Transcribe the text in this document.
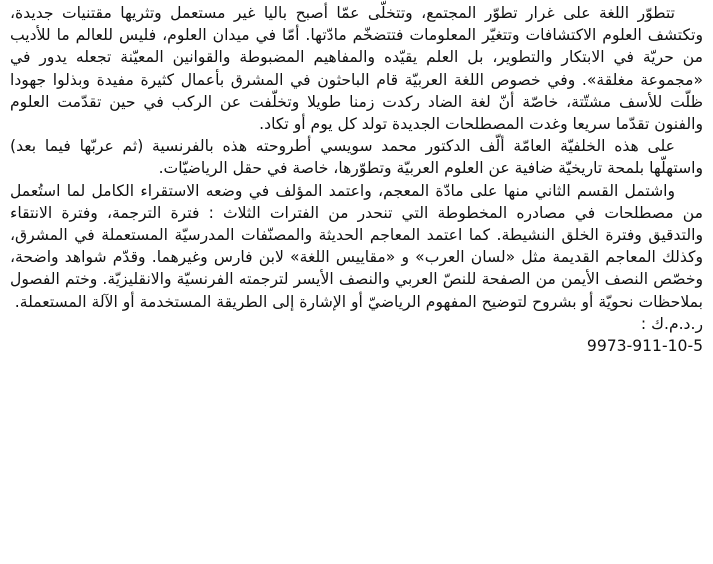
تتطوّر اللغة على غرار تطوّر المجتمع، وتتخلّى عمّا أصبح باليا غير مستعمل وتثريها مقتنيات جديدة، وتكتشف العلوم الاكتشافات وتتغيّر المعلومات فتتضخّم مادّتها. أمّا في ميدان العلوم، فليس للعالم ما للأديب من حريّة في الابتكار والتطوير، بل العلم يقيّده والمفاهيم المضبوطة والقوانين المعيّنة تجعله يدور في «مجموعة مغلقة». وفي خصوص اللغة العربيّة قام الباحثون في المشرق بأعمال كثيرة مفيدة وبذلوا جهودا ظلّت للأسف مشتّتة، خاصّة أنّ لغة الضاد ركدت زمنا طويلا وتخلّفت عن الركب في حين تقدّمت العلوم والفنون تقدّما سريعا وغدت المصطلحات الجديدة تولد كل يوم أو تكاد.

على هذه الخلفيّة العامّة ألّف الدكتور محمد سويسي أطروحته هذه بالفرنسية (ثم عربّها فيما بعد) واستهلّها بلمحة تاريخيّة ضافية عن العلوم العربيّة وتطوّرها، خاصة في حقل الرياضيّات.

واشتمل القسم الثاني منها على مادّة المعجم، واعتمد المؤلف في وضعه الاستقراء الكامل لما استُعمل من مصطلحات في مصادره المخطوطة التي تنحدر من الفترات الثلاث : فترة الترجمة، وفترة الانتقاء والتدقيق وفترة الخلق النشيطة. كما اعتمد المعاجم الحديثة والمصنّفات المدرسيّة المستعملة في المشرق، وكذلك المعاجم القديمة مثل «لسان العرب» و «مقاييس اللغة» لابن فارس وغيرهما. وقدّم شواهد واضحة، وخصّص النصف الأيمن من الصفحة للنصّ العربي والنصف الأيسر لترجمته الفرنسيّة والانقليزيّة. وختم الفصول بملاحظات نحويّة أو بشروح لتوضيح المفهوم الرياضيّ أو الإشارة إلى الطريقة المستخدمة أو الآلة المستعملة.

ر.د.م.ك :
9973-911-10-5
